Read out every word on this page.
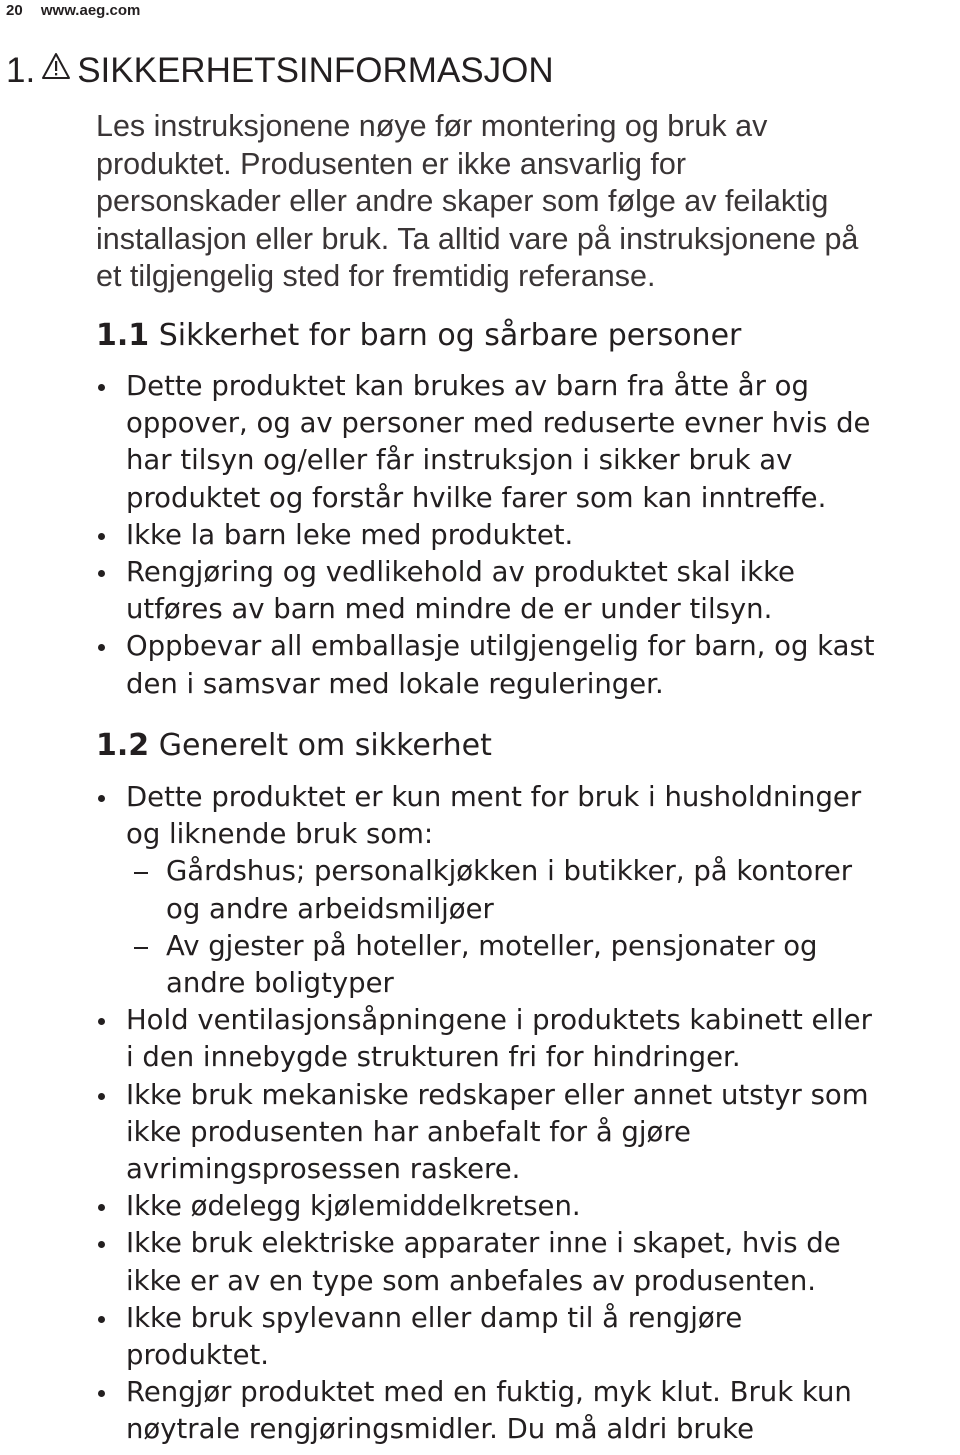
20 www.aeg.com
1. SIKKERHETSINFORMASJON

Les instruksjonene nøye før montering og bruk av
produktet. Produsenten er ikke ansvarlig for
personskader eller andre skaper som følge av feilaktig
installasjon eller bruk. Ta alltid vare på instruksjonene på
et tilgjengelig sted for fremtidig referanse.

1.1 Sikkerhet for barn og sårbare personer
Dette produktet kan brukes av barn fra åtte år og
oppover, og av personer med reduserte evner hvis de
har tilsyn og/eller får instruksjon i sikker bruk av
produktet og forstår hvilke farer som kan inntreffe.
Ikke la barn leke med produktet.
Rengjøring og vedlikehold av produktet skal ikke
utføres av barn med mindre de er under tilsyn.
Oppbevar all emballasje utilgjengelig for barn, og kast
den i samsvar med lokale reguleringer.
1.2 Generelt om sikkerhet
Dette produktet er kun ment for bruk i husholdninger
og liknende bruk som:
Gårdshus; personalkjøkken i butikker, på kontorer
og andre arbeidsmiljøer
Av gjester på hoteller, moteller, pensjonater og
andre boligtyper
Hold ventilasjonsåpningene i produktets kabinett eller
i den innebygde strukturen fri for hindringer.
Ikke bruk mekaniske redskaper eller annet utstyr som
ikke produsenten har anbefalt for å gjøre
avrimingsprosessen raskere.
Ikke ødelegg kjølemiddelkretsen.
Ikke bruk elektriske apparater inne i skapet, hvis de
ikke er av en type som anbefales av produsenten.
Ikke bruk spylevann eller damp til å rengjøre
produktet.
Rengjør produktet med en fuktig, myk klut. Bruk kun
nøytrale rengjøringsmidler. Du må aldri bruke
